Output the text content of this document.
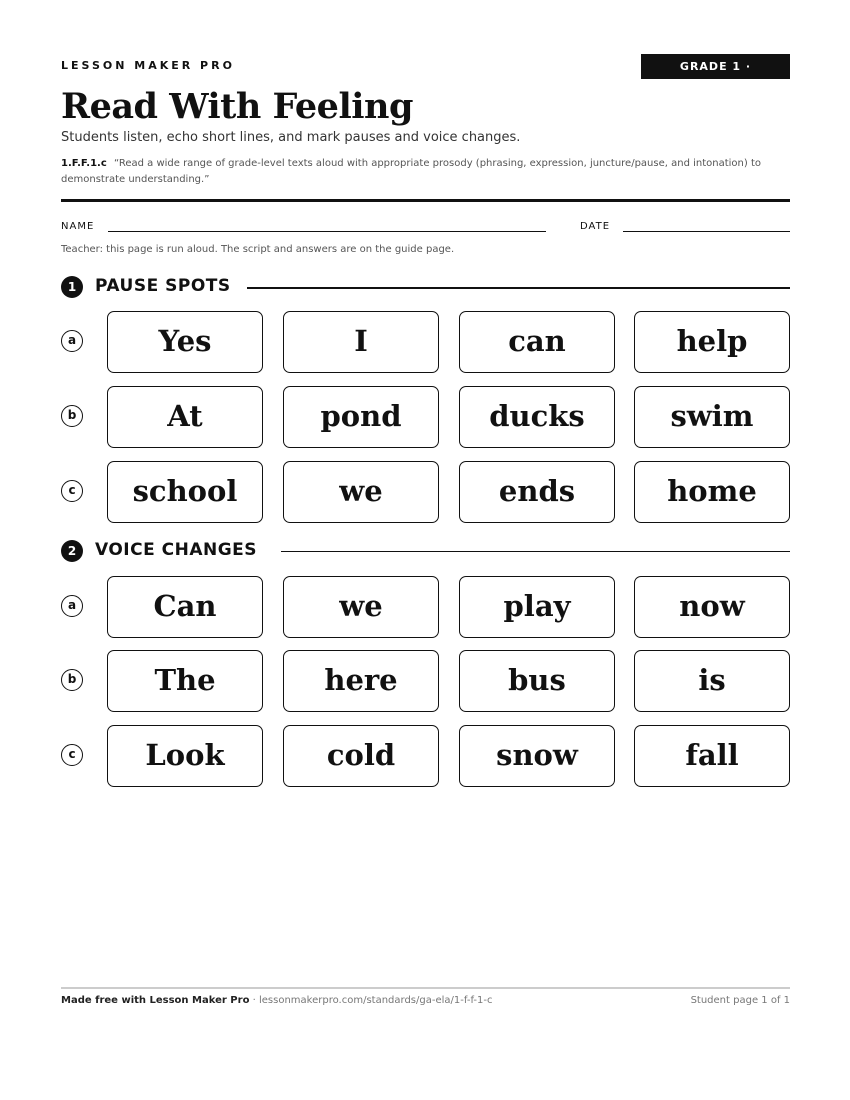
LESSON MAKER PRO	GRADE 1 · 1.F.F.1.c
Read With Feeling
Students listen, echo short lines, and mark pauses and voice changes.
1.F.F.1.c “Read a wide range of grade-level texts aloud with appropriate prosody (phrasing, expression, juncture/pause, and intonation) to demonstrate understanding.”
NAME	DATE
Teacher: this page is run aloud. The script and answers are on the guide page.
1	PAUSE SPOTS
a	Yes	I	can	help
b	At	pond	ducks	swim
c	school	we	ends	home
2	VOICE CHANGES
a	Can	we	play	now
b	The	here	bus	is
c	Look	cold	snow	fall
Made free with Lesson Maker Pro · lessonmakerpro.com/standards/ga-ela/1-f-f-1-c	Student page 1 of 1
